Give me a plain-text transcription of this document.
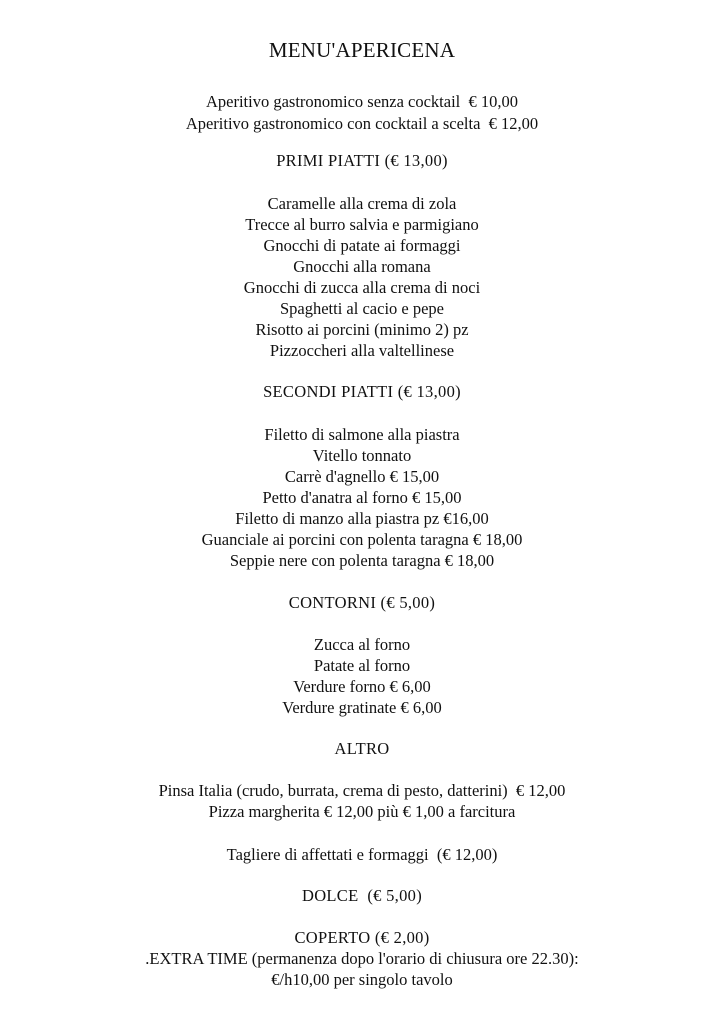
MENU'APERICENA
Aperitivo gastronomico senza cocktail  € 10,00
Aperitivo gastronomico con cocktail a scelta  € 12,00
PRIMI PIATTI (€ 13,00)
Caramelle alla crema di zola
Trecce al burro salvia e parmigiano
Gnocchi di patate ai formaggi
Gnocchi alla romana
Gnocchi di zucca alla crema di noci
Spaghetti al cacio e pepe
Risotto ai porcini (minimo 2) pz
Pizzoccheri alla valtellinese
SECONDI PIATTI (€ 13,00)
Filetto di salmone alla piastra
Vitello tonnato
Carrè d'agnello € 15,00
Petto d'anatra al forno € 15,00
Filetto di manzo alla piastra pz €16,00
Guanciale ai porcini con polenta taragna € 18,00
Seppie nere con polenta taragna € 18,00
CONTORNI (€ 5,00)
Zucca al forno
Patate al forno
Verdure forno € 6,00
Verdure gratinate € 6,00
ALTRO
Pinsa Italia (crudo, burrata, crema di pesto, datterini)  € 12,00
Pizza margherita € 12,00 più € 1,00 a farcitura
Tagliere di affettati e formaggi  (€ 12,00)
DOLCE  (€ 5,00)
COPERTO (€ 2,00)
.EXTRA TIME (permanenza dopo l'orario di chiusura ore 22.30):
€/h10,00 per singolo tavolo
